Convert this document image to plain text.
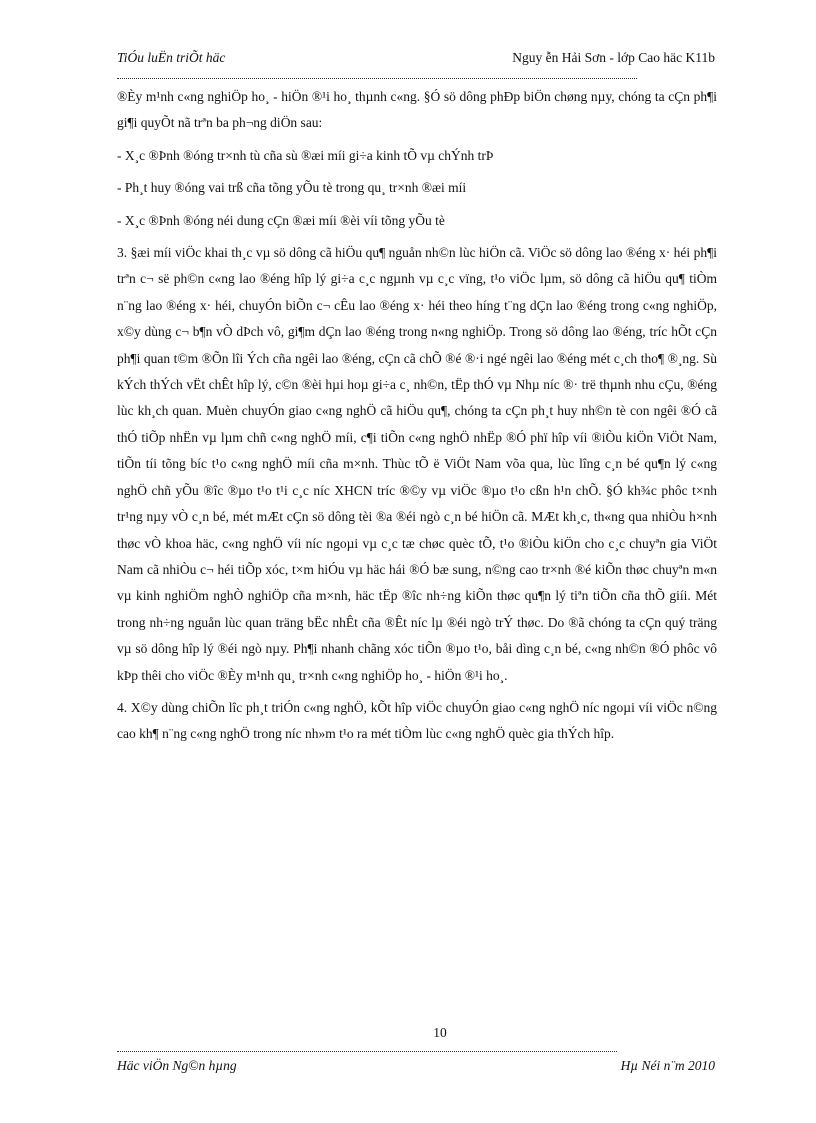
TiÓu luËn triÕt häc	Nguy ễn Hải Sơn - lớp Cao häc K11b

®Èy m¹nh c«ng nghiÖp ho¸ - hiÖn ®¹i ho¸ thµnh c«ng. §Ó sö dông phÐp biÖn chøng nµy, chóng ta cÇn ph¶i gi¶i quyÕt nã trªn ba ph¬ng diÖn sau:

- X¸c ®Þnh ®óng tr×nh tù cña sù ®æi míi gi÷a kinh tÕ vµ chÝnh trÞ

- Ph¸t huy ®óng vai trß cña tõng yÕu tè trong qu¸ tr×nh ®æi míi

- X¸c ®Þnh ®óng néi dung cÇn ®æi míi ®èi víi tõng yÕu tè

3. §æi míi viÖc khai th¸c vµ sö dông cã hiÖu qu¶ nguån nh©n lùc hiÖn cã. ViÖc sö dông lao ®éng x· héi ph¶i trªn c¬ së ph©n c«ng lao ®éng hîp lý gi÷a c¸c ngµnh vµ c¸c vïng, t¹o viÖc lµm, sö dông cã hiÖu qu¶ tiÒm n¨ng lao ®éng x· héi, chuyÓn biÕn c¬ cÊu lao ®éng x· héi theo híng t¨ng dÇn lao ®éng trong c«ng nghiÖp, x©y dùng c¬ b¶n vÒ dÞch vô, gi¶m dÇn lao ®éng trong n«ng nghiÖp. Trong sö dông lao ®éng, tríc hÕt cÇn ph¶i quan t©m ®Õn lîi Ých cña ngêi lao ®éng, cÇn cã chÕ ®é ®·i ngé ngêi lao ®éng mét c¸ch tho¶ ®¸ng. Sù kÝch thÝch vËt chÊt hîp lý, c©n ®èi hµi hoµ gi÷a c¸ nh©n, tËp thÓ vµ Nhµ níc ®· trë thµnh nhu cÇu, ®éng lùc kh¸ch quan. Muèn chuyÓn giao c«ng nghÖ cã hiÖu qu¶, chóng ta cÇn ph¸t huy nh©n tè con ngêi ®Ó cã thÓ tiÕp nhËn vµ lµm chñ c«ng nghÖ míi, c¶i tiÕn c«ng nghÖ nhËp ®Ó phï hîp víi ®iÒu kiÖn ViÖt Nam, tiÕn tíi tõng bíc t¹o c«ng nghÖ míi cña m×nh. Thùc tÕ ë ViÖt Nam võa qua, lùc lîng c¸n bé qu¶n lý c«ng nghÖ chñ yÕu ®îc ®µo t¹o t¹i c¸c níc XHCN tríc ®©y vµ viÖc ®µo t¹o cßn h¹n chÕ. §Ó kh¾c phôc t×nh tr¹ng nµy vÒ c¸n bé, mét mÆt cÇn sö dông tèi ®a ®éi ngò c¸n bé hiÖn cã. MÆt kh¸c, th«ng qua nhiÒu h×nh thøc vÒ khoa häc, c«ng nghÖ víi níc ngoµi vµ c¸c tæ chøc quèc tÕ, t¹o ®iÒu kiÖn cho c¸c chuyªn gia ViÖt Nam cã nhiÒu c¬ héi tiÕp xóc, t×m hiÓu vµ häc hái ®Ó bæ sung, n©ng cao tr×nh ®é kiÕn thøc chuyªn m«n vµ kinh nghiÖm nghÒ nghiÖp cña m×nh, häc tËp ®îc nh÷ng kiÕn thøc qu¶n lý tiªn tiÕn cña thÕ giíi. Mét trong nh÷ng nguån lùc quan träng bËc nhÊt cña ®Êt níc lµ ®éi ngò trÝ thøc. Do ®ã chóng ta cÇn quý träng vµ sö dông hîp lý ®éi ngò nµy. Ph¶i nhanh chãng xóc tiÕn ®µo t¹o, båi dìng c¸n bé, c«ng nh©n ®Ó phôc vô kÞp thêi cho viÖc ®Èy m¹nh qu¸ tr×nh c«ng nghiÖp ho¸ - hiÖn ®¹i ho¸.

4. X©y dùng chiÕn lîc ph¸t triÓn c«ng nghÖ, kÕt hîp viÖc chuyÓn giao c«ng nghÖ níc ngoµi víi viÖc n©ng cao kh¶ n¨ng c«ng nghÖ trong níc nh»m t¹o ra mét tiÒm lùc c«ng nghÖ quèc gia thÝch hîp.

10
Häc viÖn Ng©n hµng	Hµ Néi n¨m 2010
